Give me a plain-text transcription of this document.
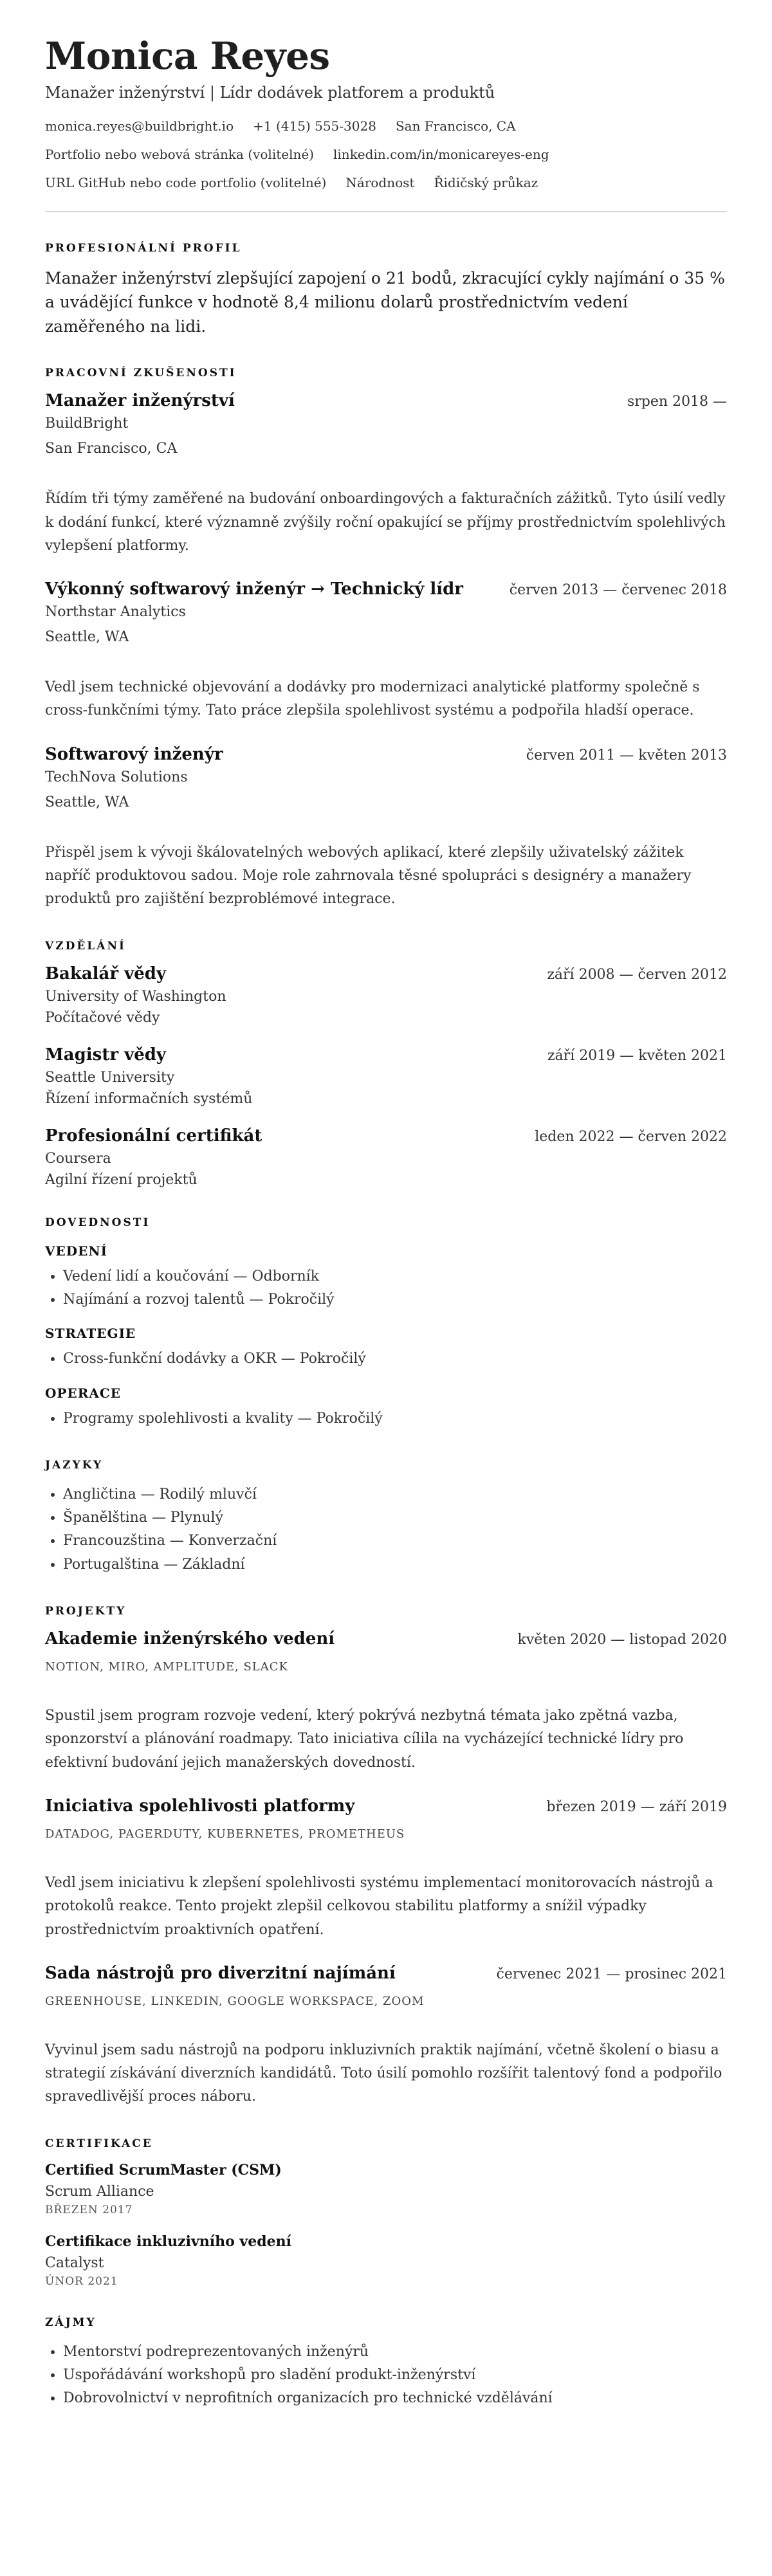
Monica Reyes
Manažer inženýrství | Lídr dodávek platforem a produktů
monica.reyes@buildbright.io +1 (415) 555-3028 San Francisco, CA
Portfolio nebo webová stránka (volitelné) linkedin.com/in/monicareyes-eng
URL GitHub nebo code portfolio (volitelné) Národnost Řidičský průkaz
PROFESIONÁLNÍ PROFIL
Manažer inženýrství zlepšující zapojení o 21 bodů, zkracující cykly najímání o 35 % a uvádějící funkce v hodnotě 8,4 milionu dolarů prostřednictvím vedení zaměřeného na lidi.
PRACOVNÍ ZKUŠENOSTI
Manažer inženýrství	srpen 2018 —
BuildBright
San Francisco, CA
Řídím tři týmy zaměřené na budování onboardingových a fakturačních zážitků. Tyto úsilí vedly k dodání funkcí, které významně zvýšily roční opakující se příjmy prostřednictvím spolehlivých vylepšení platformy.
Výkonný softwarový inženýr → Technický lídr	červen 2013 — červenec 2018
Northstar Analytics
Seattle, WA
Vedl jsem technické objevování a dodávky pro modernizaci analytické platformy společně s cross-funkčními týmy. Tato práce zlepšila spolehlivost systému a podpořila hladší operace.
Softwarový inženýr	červen 2011 — květen 2013
TechNova Solutions
Seattle, WA
Přispěl jsem k vývoji škálovatelných webových aplikací, které zlepšily uživatelský zážitek napříč produktovou sadou. Moje role zahrnovala těsné spolupráci s designéry a manažery produktů pro zajištění bezproblémové integrace.
VZDĚLÁNÍ
Bakalář vědy	září 2008 — červen 2012
University of Washington
Počítačové vědy
Magistr vědy	září 2019 — květen 2021
Seattle University
Řízení informačních systémů
Profesionální certifikát	leden 2022 — červen 2022
Coursera
Agilní řízení projektů
DOVEDNOSTI
VEDENÍ
• Vedení lidí a koučování — Odborník
• Najímání a rozvoj talentů — Pokročilý
STRATEGIE
• Cross-funkční dodávky a OKR — Pokročilý
OPERACE
• Programy spolehlivosti a kvality — Pokročilý
JAZYKY
• Angličtina — Rodilý mluvčí
• Španělština — Plynulý
• Francouzština — Konverzační
• Portugalština — Základní
PROJEKTY
Akademie inženýrského vedení	květen 2020 — listopad 2020
NOTION, MIRO, AMPLITUDE, SLACK
Spustil jsem program rozvoje vedení, který pokrývá nezbytná témata jako zpětná vazba, sponzorství a plánování roadmapy. Tato iniciativa cílila na vycházející technické lídry pro efektivní budování jejich manažerských dovedností.
Iniciativa spolehlivosti platformy	březen 2019 — září 2019
DATADOG, PAGERDUTY, KUBERNETES, PROMETHEUS
Vedl jsem iniciativu k zlepšení spolehlivosti systému implementací monitorovacích nástrojů a protokolů reakce. Tento projekt zlepšil celkovou stabilitu platformy a snížil výpadky prostřednictvím proaktivních opatření.
Sada nástrojů pro diverzitní najímání	červenec 2021 — prosinec 2021
GREENHOUSE, LINKEDIN, GOOGLE WORKSPACE, ZOOM
Vyvinul jsem sadu nástrojů na podporu inkluzivních praktik najímání, včetně školení o biasu a strategií získávání diverzních kandidátů. Toto úsilí pomohlo rozšířit talentový fond a podpořilo spravedlivější proces náboru.
CERTIFIKACE
Certified ScrumMaster (CSM)
Scrum Alliance
BŘEZEN 2017
Certifikace inkluzivního vedení
Catalyst
ÚNOR 2021
ZÁJMY
• Mentorství podreprezentovaných inženýrů
• Uspořádávání workshopů pro sladění produkt-inženýrství
• Dobrovolnictví v neprofitních organizacích pro technické vzdělávání
